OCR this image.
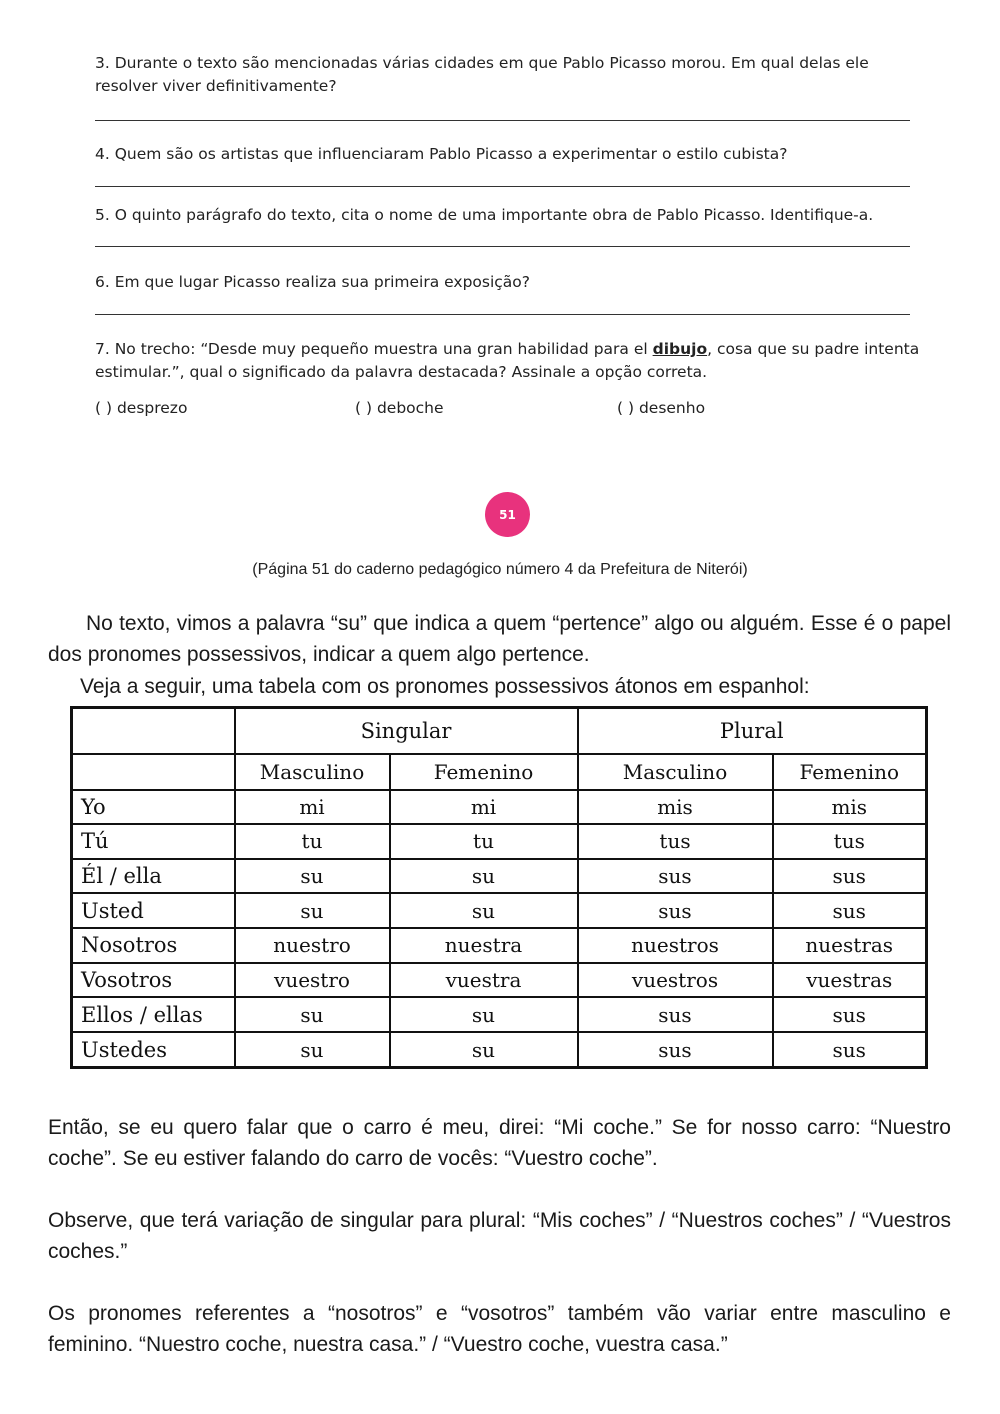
3. Durante o texto são mencionadas várias cidades em que Pablo Picasso morou. Em qual delas ele resolver viver definitivamente?
4. Quem são os artistas que influenciaram Pablo Picasso a experimentar o estilo cubista?
5. O quinto parágrafo do texto, cita o nome de uma importante obra de Pablo Picasso. Identifique-a.
6. Em que lugar Picasso realiza sua primeira exposição?
7. No trecho: “Desde muy pequeño muestra una gran habilidad para el dibujo, cosa que su padre intenta estimular.”, qual o significado da palavra destacada? Assinale a opção correta.
( ) desprezo	( ) deboche	( ) desenho
51
(Página 51 do caderno pedagógico número 4 da Prefeitura de Niterói)
No texto, vimos a palavra “su” que indica a quem “pertence” algo ou alguém. Esse é o papel dos pronomes possessivos, indicar a quem algo pertence.
Veja a seguir, uma tabela com os pronomes possessivos átonos em espanhol:
	Singular		Plural	
	Masculino	Femenino	Masculino	Femenino
Yo	mi	mi	mis	mis
Tú	tu	tu	tus	tus
Él / ella	su	su	sus	sus
Usted	su	su	sus	sus
Nosotros	nuestro	nuestra	nuestros	nuestras
Vosotros	vuestro	vuestra	vuestros	vuestras
Ellos / ellas	su	su	sus	sus
Ustedes	su	su	sus	sus
Então, se eu quero falar que o carro é meu, direi: “Mi coche.” Se for nosso carro: “Nuestro coche”. Se eu estiver falando do carro de vocês: “Vuestro coche”.
Observe, que terá variação de singular para plural: “Mis coches” / “Nuestros coches” / “Vuestros coches.”
Os pronomes referentes a “nosotros” e “vosotros” também vão variar entre masculino e feminino. “Nuestro coche, nuestra casa.” / “Vuestro coche, vuestra casa.”
